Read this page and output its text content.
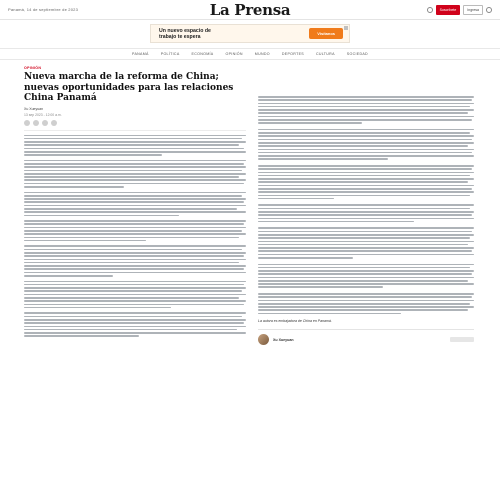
Panamá, 14 de septiembre de 2023	La Prensa	Suscríbete	Ingresa
Un nuevo espacio de
trabajo te espera	Visítanos
PANAMÁ	POLÍTICA	ECONOMÍA	OPINIÓN	MUNDO	DEPORTES	CULTURA	SOCIEDAD
OPINIÓN
Nueva marcha de la reforma de China; nuevas oportunidades para las relaciones China Panamá
Xu Xueyuan
13 sep 2023 - 12:00 a.m.
La autora es embajadora de China en Panamá.
Xu Xueyuan
